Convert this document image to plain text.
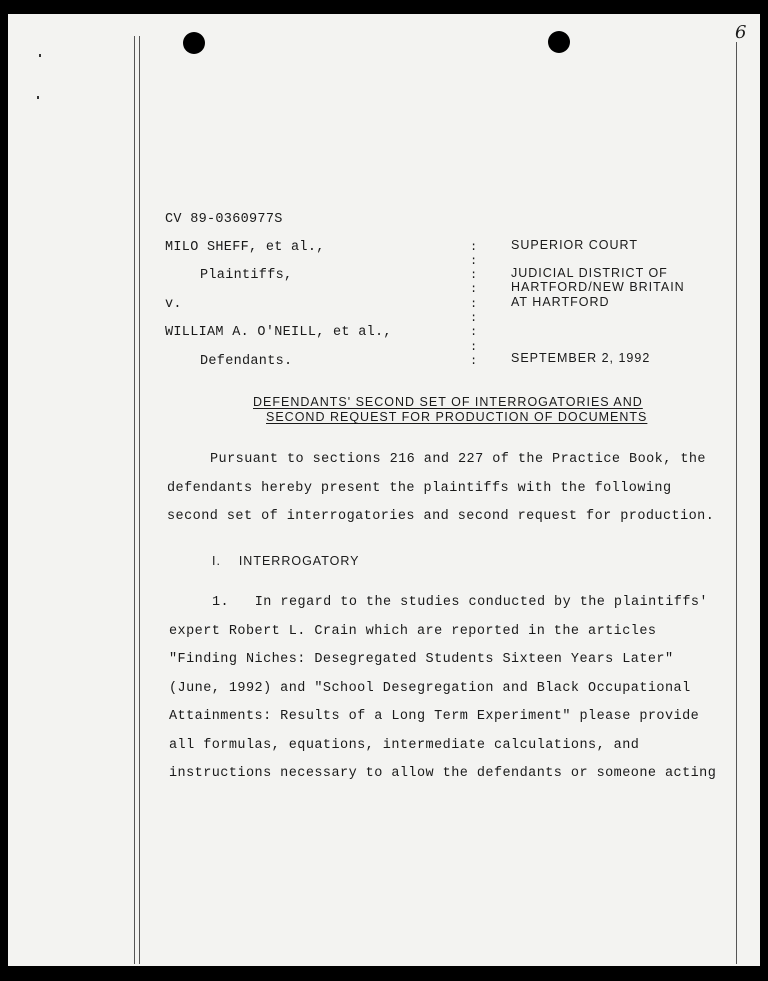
6
CV 89-0360977S
MILO SHEFF, et al.,
Plaintiffs,
v.
WILLIAM A. O'NEILL, et al.,
Defendants.
:
:
:
:
:
:
:
:
:
SUPERIOR COURT
JUDICIAL DISTRICT OF
HARTFORD/NEW BRITAIN
AT HARTFORD
SEPTEMBER 2, 1992
DEFENDANTS' SECOND SET OF INTERROGATORIES AND
SECOND REQUEST FOR PRODUCTION OF DOCUMENTS
Pursuant to sections 216 and 227 of the Practice Book, the
defendants hereby present the plaintiffs with the following
second set of interrogatories and second request for production.
I.    INTERROGATORY
1.   In regard to the studies conducted by the plaintiffs'
expert Robert L. Crain which are reported in the articles
"Finding Niches: Desegregated Students Sixteen Years Later"
(June, 1992) and "School Desegregation and Black Occupational
Attainments: Results of a Long Term Experiment" please provide
all formulas, equations, intermediate calculations, and
instructions necessary to allow the defendants or someone acting
